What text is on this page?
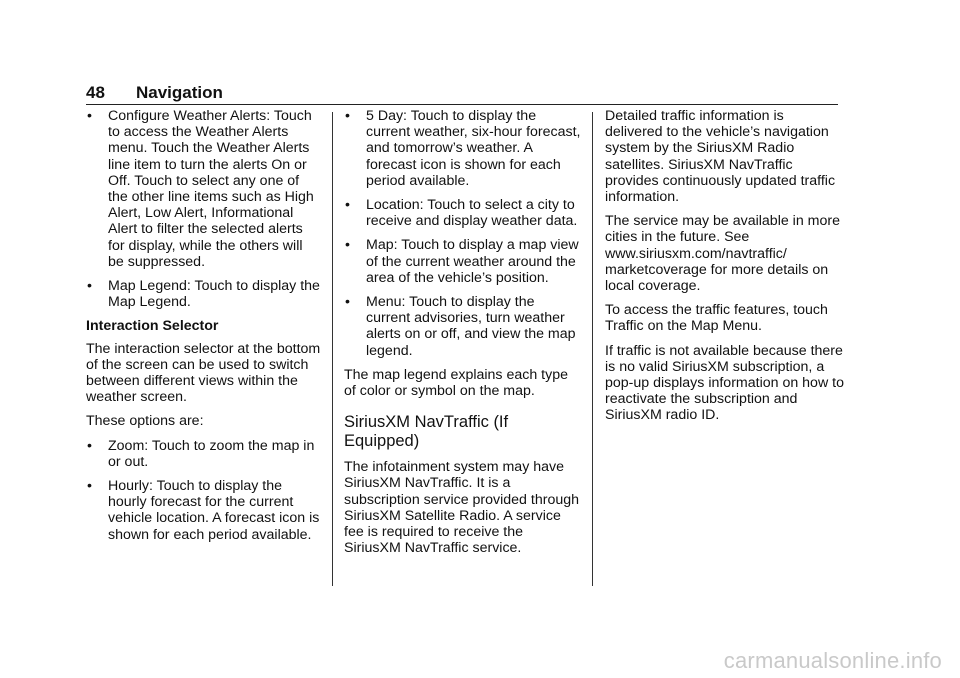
48 Navigation
• Configure Weather Alerts: Touch to access the Weather Alerts menu. Touch the Weather Alerts line item to turn the alerts On or Off. Touch to select any one of the other line items such as High Alert, Low Alert, Informational Alert to filter the selected alerts for display, while the others will be suppressed.
• Map Legend: Touch to display the Map Legend.

Interaction Selector

The interaction selector at the bottom of the screen can be used to switch between different views within the weather screen.

These options are:

• Zoom: Touch to zoom the map in or out.
• Hourly: Touch to display the hourly forecast for the current vehicle location. A forecast icon is shown for each period available.
• 5 Day: Touch to display the current weather, six-hour forecast, and tomorrow’s weather. A forecast icon is shown for each period available.
• Location: Touch to select a city to receive and display weather data.
• Map: Touch to display a map view of the current weather around the area of the vehicle’s position.
• Menu: Touch to display the current advisories, turn weather alerts on or off, and view the map legend.

The map legend explains each type of color or symbol on the map.

SiriusXM NavTraffic (If Equipped)

The infotainment system may have SiriusXM NavTraffic. It is a subscription service provided through SiriusXM Satellite Radio. A service fee is required to receive the SiriusXM NavTraffic service.

Detailed traffic information is delivered to the vehicle’s navigation system by the SiriusXM Radio satellites. SiriusXM NavTraffic provides continuously updated traffic information.

The service may be available in more cities in the future. See www.siriusxm.com/navtraffic/ marketcoverage for more details on local coverage.

To access the traffic features, touch Traffic on the Map Menu.

If traffic is not available because there is no valid SiriusXM subscription, a pop-up displays information on how to reactivate the subscription and SiriusXM radio ID.

carmanualsonline.info
